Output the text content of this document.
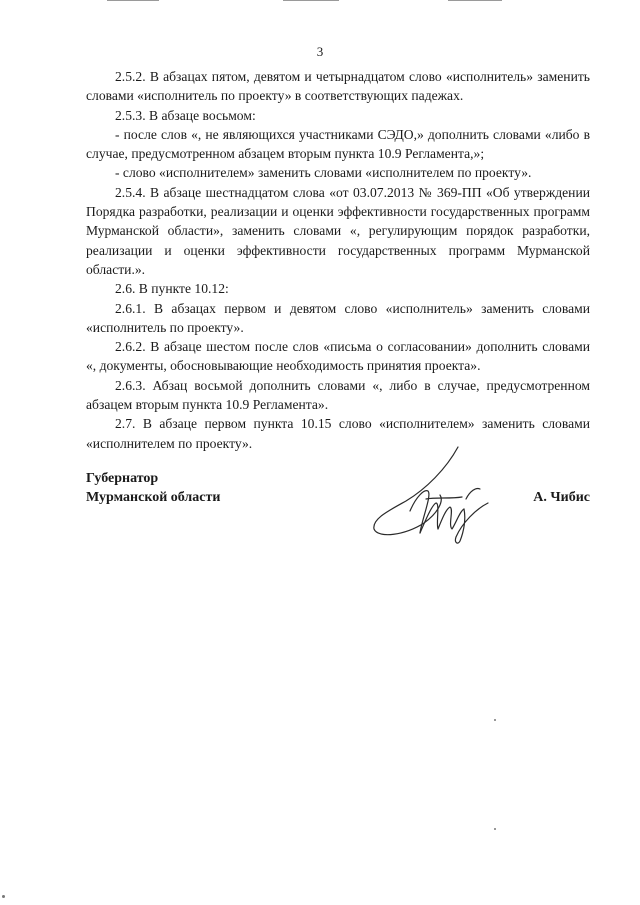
3

2.5.2. В абзацах пятом, девятом и четырнадцатом слово «исполнитель» заменить словами «исполнитель по проекту» в соответствующих падежах.

2.5.3. В абзаце восьмом:

- после слов «, не являющихся участниками СЭДО,» дополнить словами «либо в случае, предусмотренном абзацем вторым пункта 10.9 Регламента,»;

- слово «исполнителем» заменить словами «исполнителем по проекту».

2.5.4. В абзаце шестнадцатом слова «от 03.07.2013 № 369-ПП «Об утверждении Порядка разработки, реализации и оценки эффективности государственных программ Мурманской области», заменить словами «, регулирующим порядок разработки, реализации и оценки эффективности государственных программ Мурманской области.».

2.6. В пункте 10.12:

2.6.1. В абзацах первом и девятом слово «исполнитель» заменить словами «исполнитель по проекту».

2.6.2. В абзаце шестом после слов «письма о согласовании» дополнить словами «, документы, обосновывающие необходимость принятия проекта».

2.6.3. Абзац восьмой дополнить словами «, либо в случае, предусмотренном абзацем вторым пункта 10.9 Регламента».

2.7. В абзаце первом пункта 10.15 слово «исполнителем» заменить словами «исполнителем по проекту».

Губернатор
Мурманской области	А. Чибис
